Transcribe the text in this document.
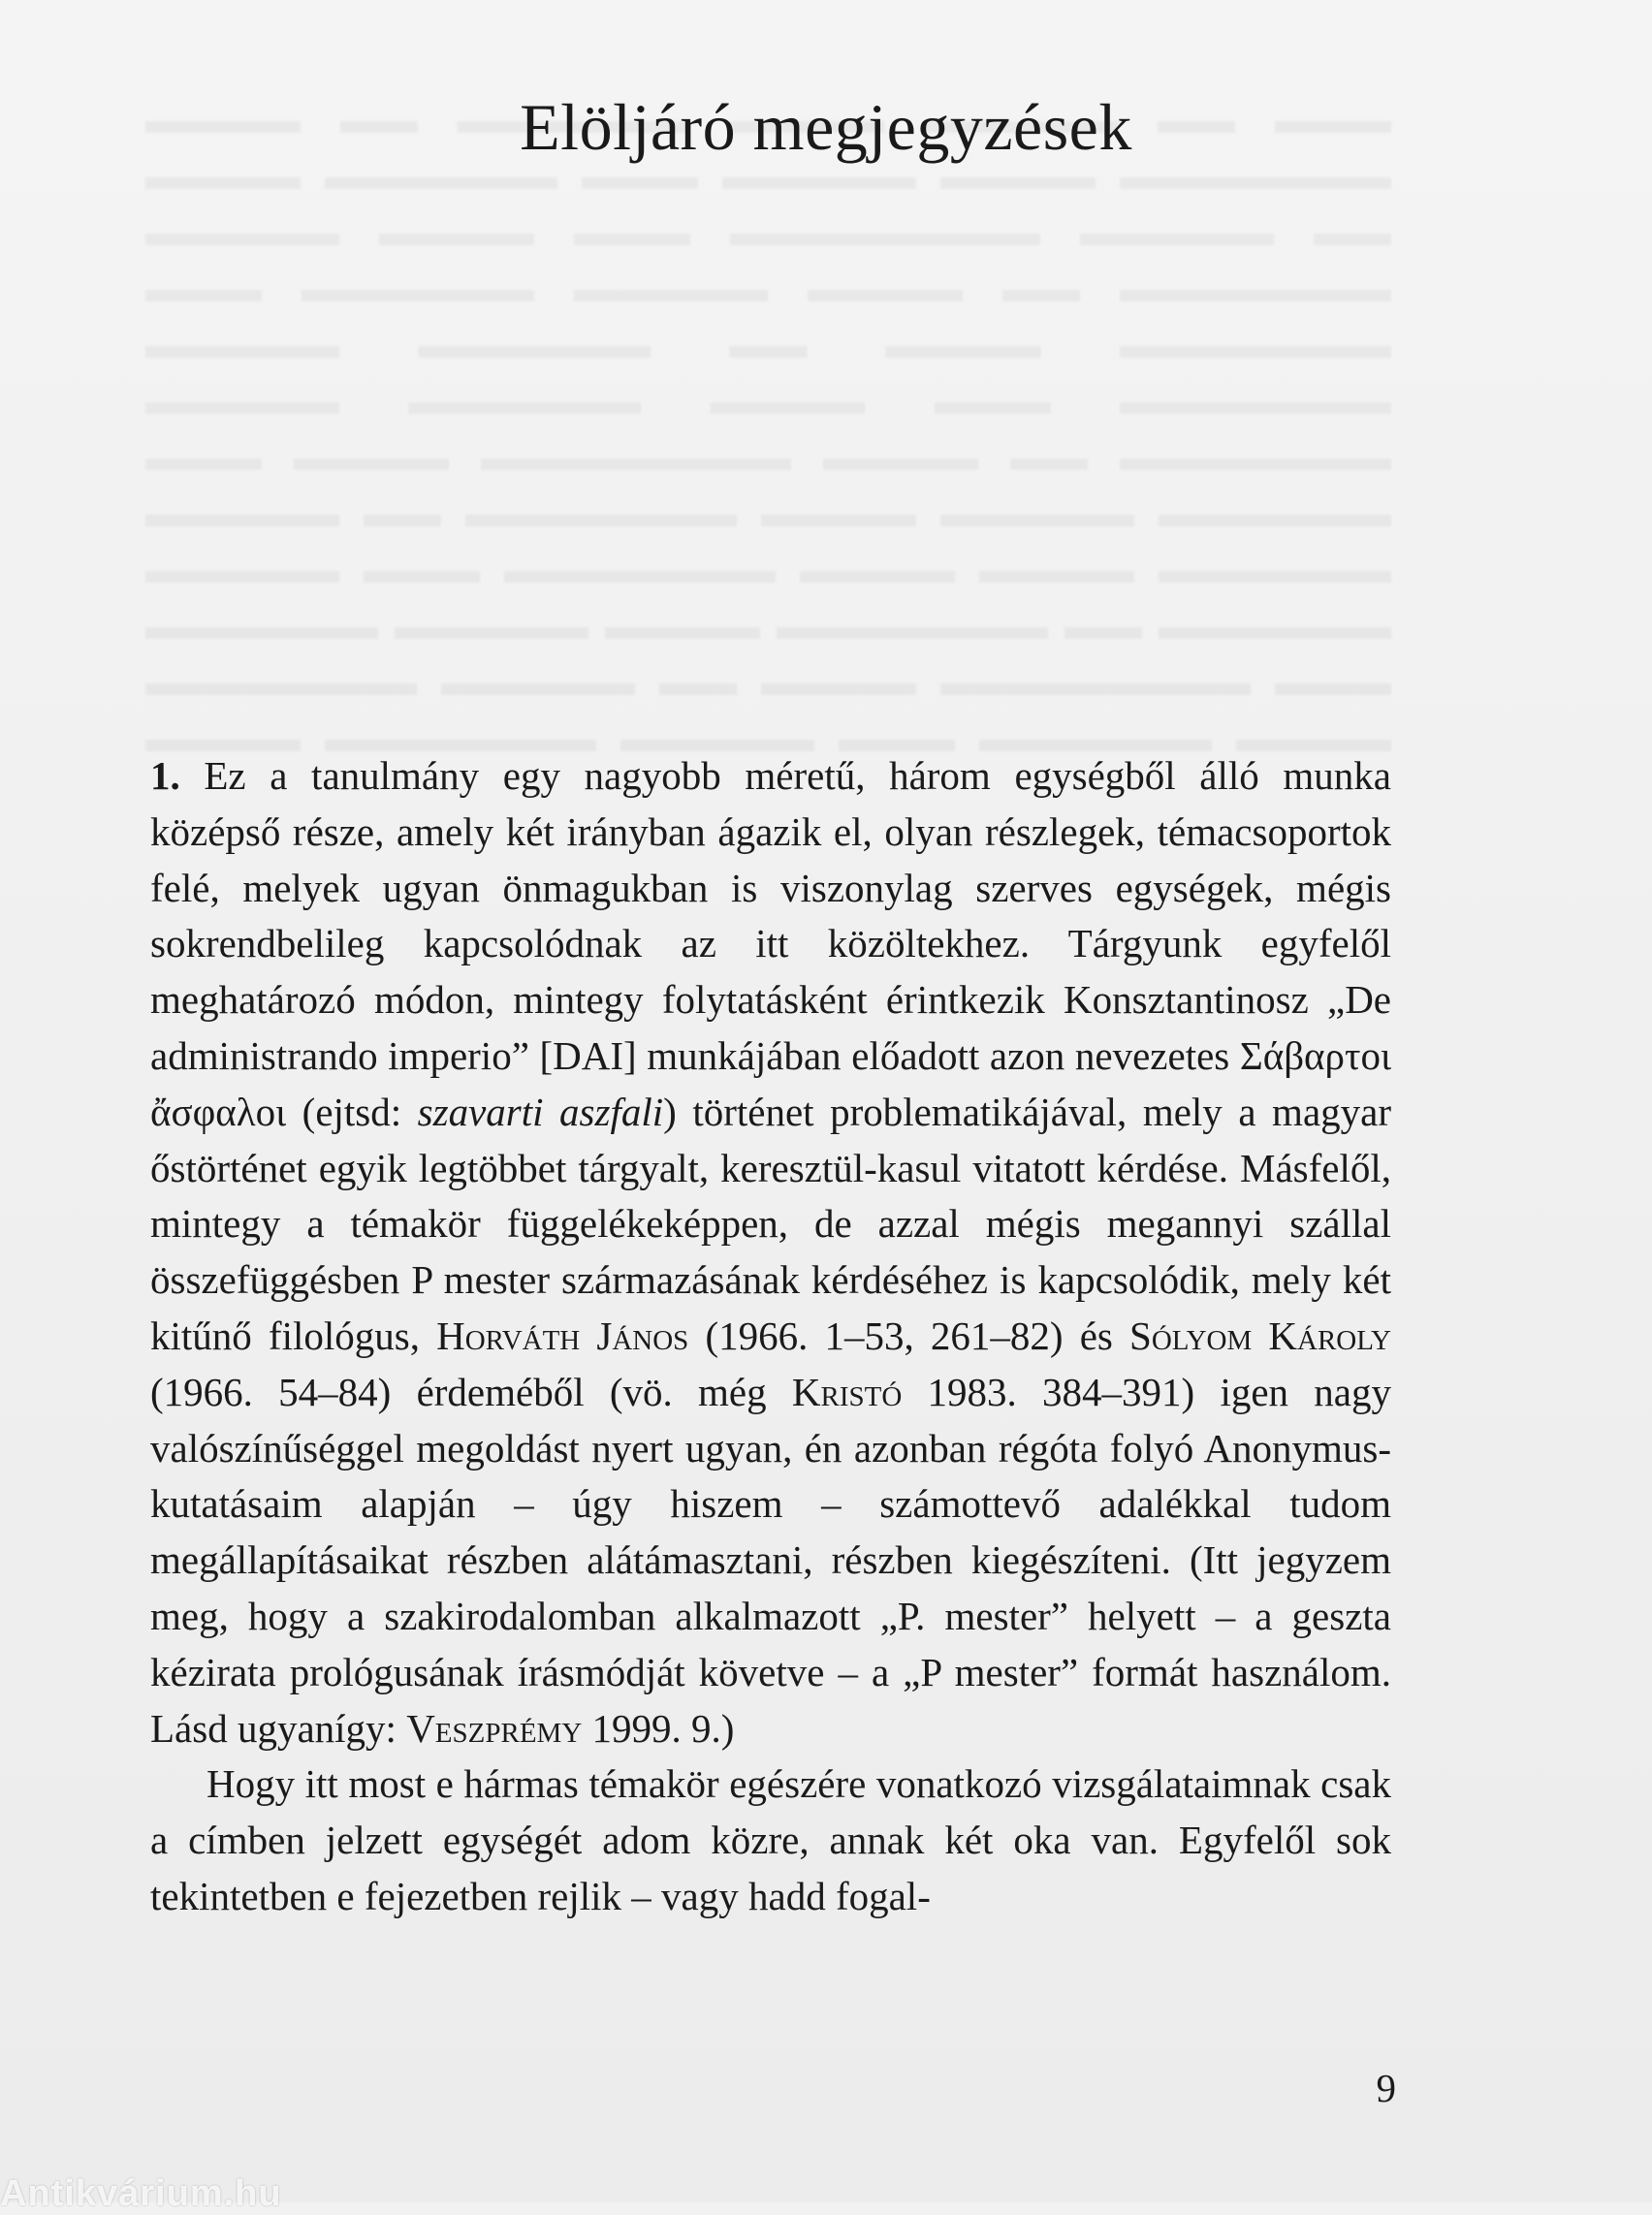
Elöljáró megjegyzések

1. Ez a tanulmány egy nagyobb méretű, három egységből álló munka középső része, amely két irányban ágazik el, olyan részlegek, témacsoportok felé, melyek ugyan önmagukban is viszonylag szerves egységek, mégis sokrendbelileg kapcsolódnak az itt közöltekhez. Tárgyunk egyfelől meghatározó módon, mintegy folytatásként érintkezik Konsztantinosz „De administrando imperio” [DAI] munkájában előadott azon nevezetes Σάβαρτοι ἄσφαλοι (ejtsd: szavarti aszfali) történet problematikájával, mely a magyar őstörténet egyik legtöbbet tárgyalt, keresztül-kasul vitatott kérdése. Másfelől, mintegy a témakör függelékeképpen, de azzal mégis megannyi szállal összefüggésben P mester származásának kérdéséhez is kapcsolódik, mely két kitűnő filológus, Horváth János (1966. 1–53, 261–82) és Sólyom Károly (1966. 54–84) érdeméből (vö. még Kristó 1983. 384–391) igen nagy valószínűséggel megoldást nyert ugyan, én azonban régóta folyó Anonymus-kutatásaim alapján – úgy hiszem – számottevő adalékkal tudom megállapításaikat részben alátámasztani, részben kiegészíteni. (Itt jegyzem meg, hogy a szakirodalomban alkalmazott „P. mester” helyett – a geszta kézirata prológusának írásmódját követve – a „P mester” formát használom. Lásd ugyanígy: Veszprémy 1999. 9.)

Hogy itt most e hármas témakör egészére vonatkozó vizsgálataimnak csak a címben jelzett egységét adom közre, annak két oka van. Egyfelől sok tekintetben e fejezetben rejlik – vagy hadd fogal-

9
Antikvárium.hu
